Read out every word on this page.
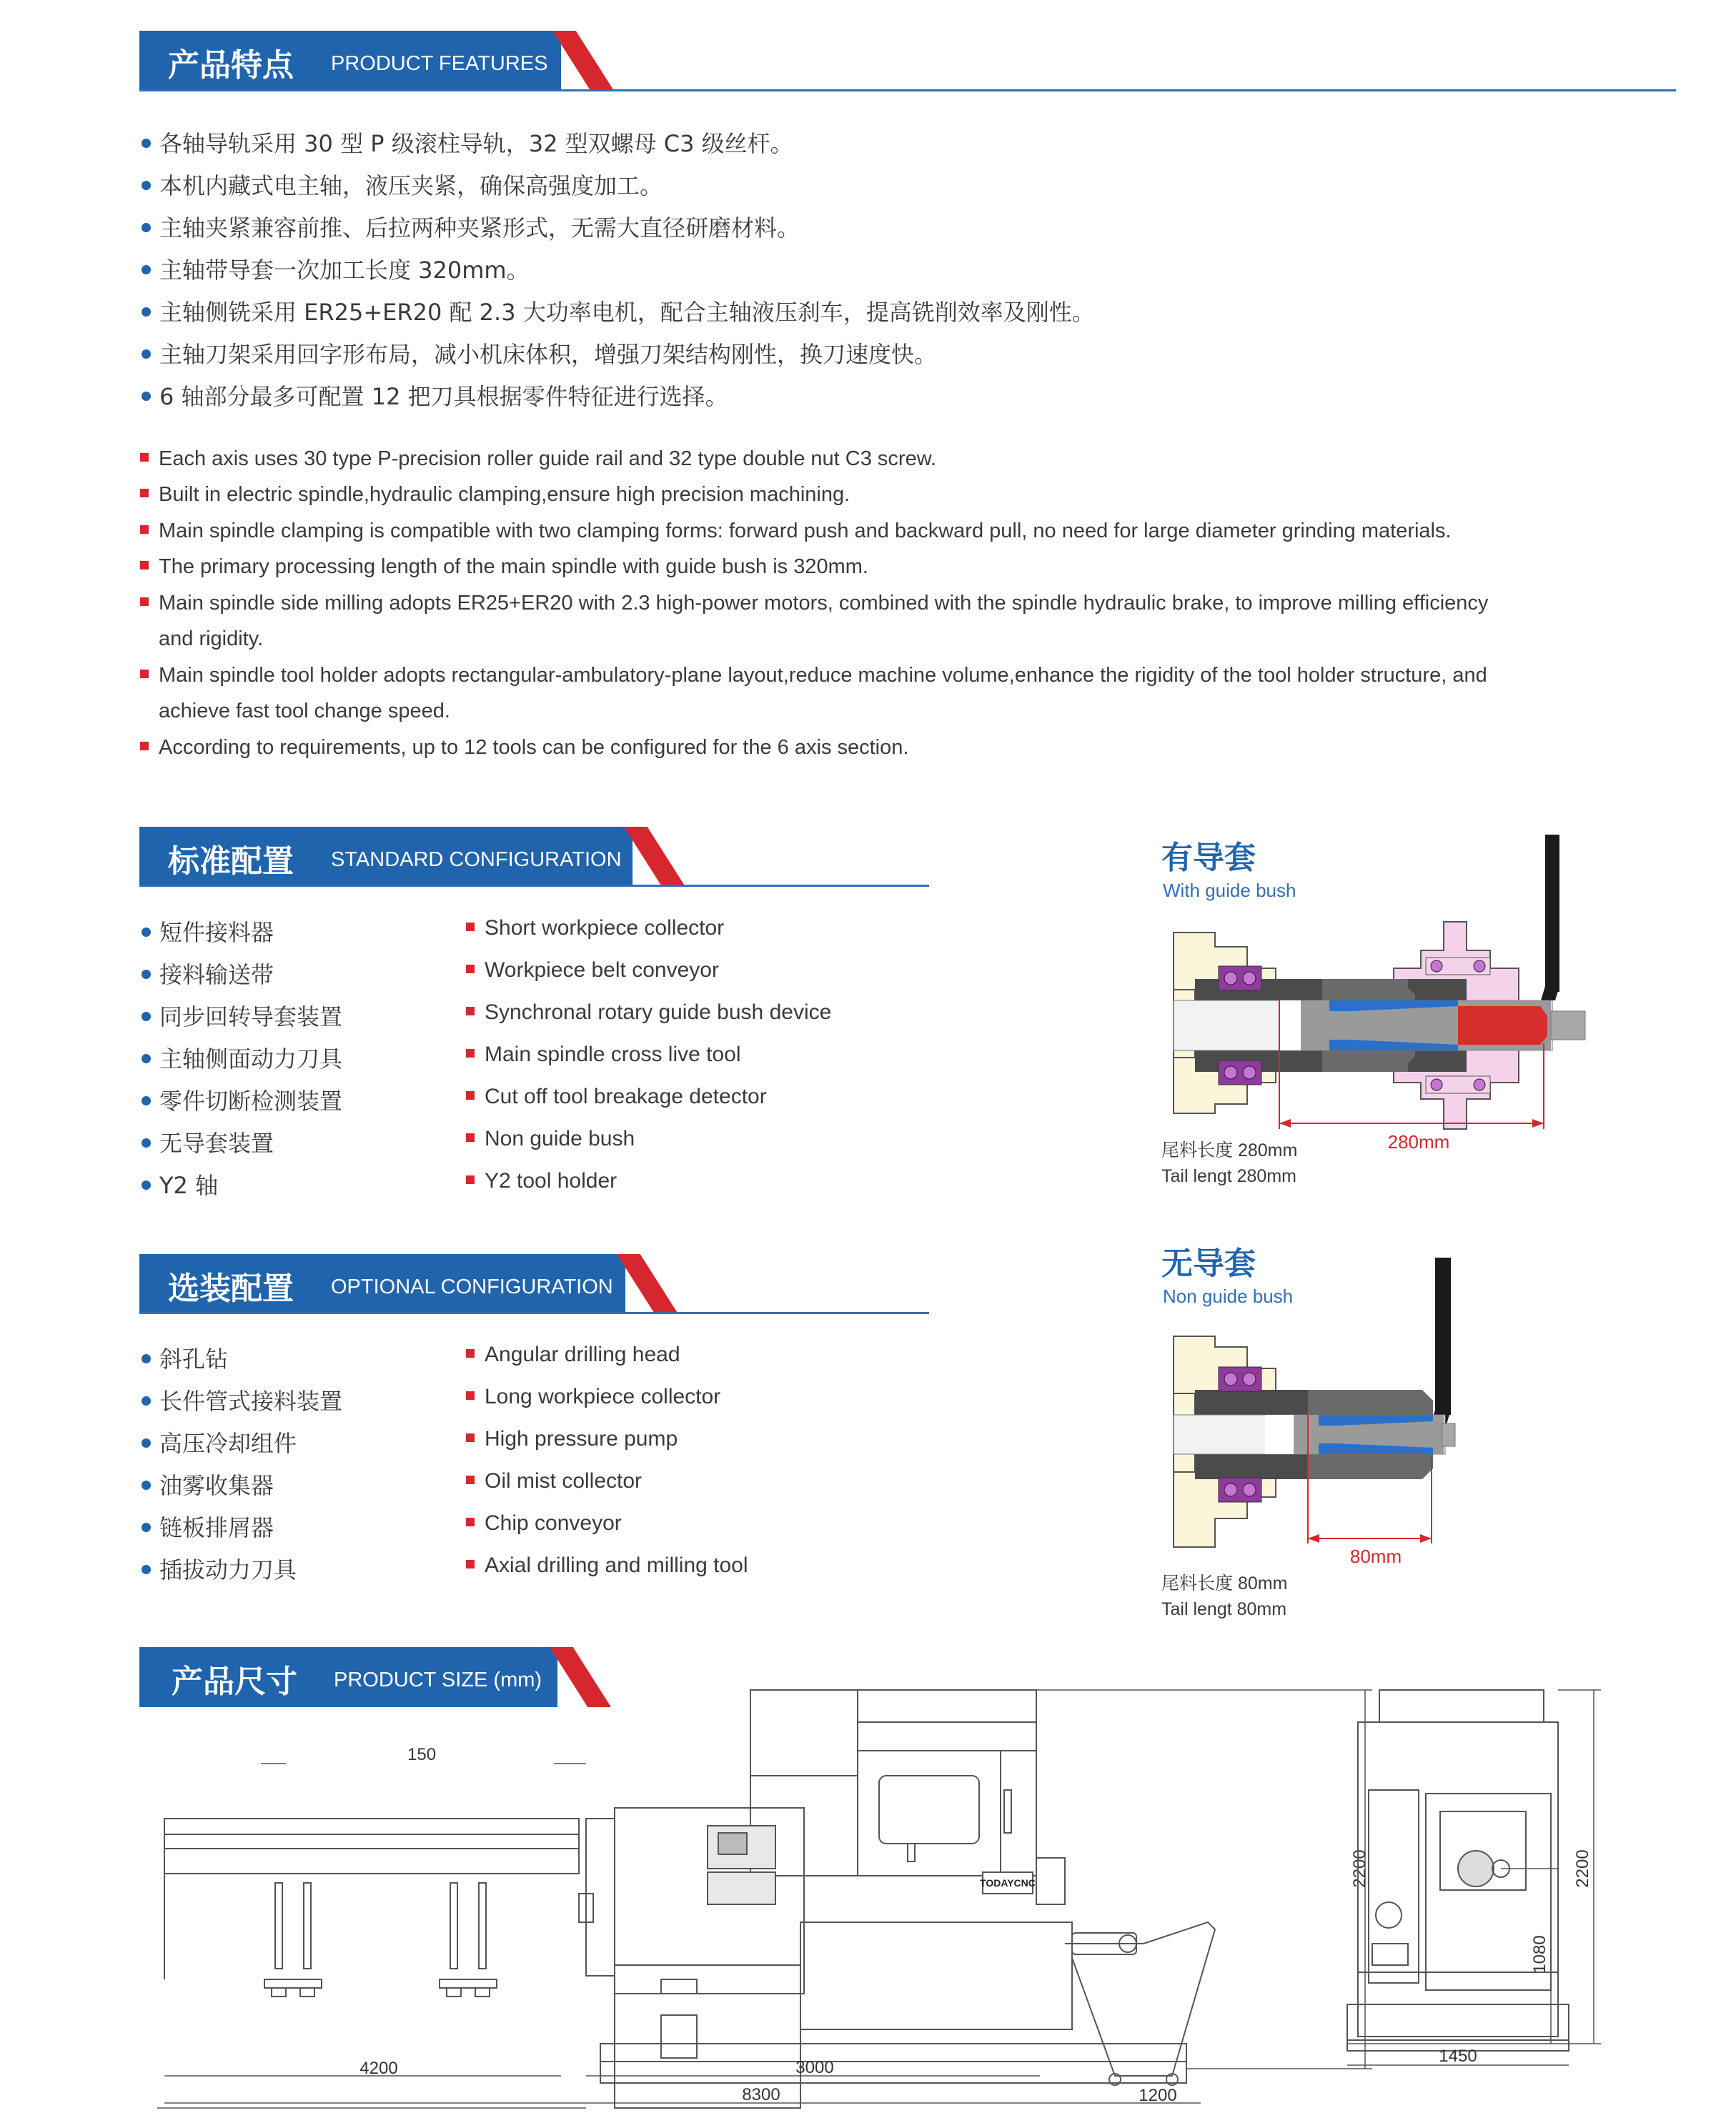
产品特点 PRODUCT FEATURES
各轴导轨采用 30 型 P 级滚柱导轨，32 型双螺母 C3 级丝杆。
本机内藏式电主轴，液压夹紧，确保高强度加工。
主轴夹紧兼容前推、后拉两种夹紧形式，无需大直径研磨材料。
主轴带导套一次加工长度 320mm。
主轴侧铣采用 ER25+ER20 配 2.3 大功率电机，配合主轴液压刹车，提高铣削效率及刚性。
主轴刀架采用回字形布局，减小机床体积，增强刀架结构刚性，换刀速度快。
6 轴部分最多可配置 12 把刀具根据零件特征进行选择。
Each axis uses 30 type P-precision roller guide rail and 32 type double nut C3 screw.
Built in electric spindle,hydraulic clamping,ensure high precision machining.
Main spindle clamping is compatible with two clamping forms: forward push and backward pull, no need for large diameter grinding materials.
The primary processing length of the main spindle with guide bush is 320mm.
Main spindle side milling adopts ER25+ER20 with 2.3 high-power motors, combined with the spindle hydraulic brake, to improve milling efficiency
and rigidity.
Main spindle tool holder adopts rectangular-ambulatory-plane layout,reduce machine volume,enhance the rigidity of the tool holder structure, and
achieve fast tool change speed.
According to requirements, up to 12 tools can be configured for the 6 axis section.
标准配置 STANDARD CONFIGURATION
短件接料器
接料输送带
同步回转导套装置
主轴侧面动力刀具
零件切断检测装置
无导套装置
Y2 轴
Short workpiece collector
Workpiece belt conveyor
Synchronal rotary guide bush device
Main spindle cross live tool
Cut off tool breakage detector
Non guide bush
Y2 tool holder
选装配置 OPTIONAL CONFIGURATION
斜孔钻
长件管式接料装置
高压冷却组件
油雾收集器
链板排屑器
插拔动力刀具
Angular drilling head
Long workpiece collector
High pressure pump
Oil mist collector
Chip conveyor
Axial drilling and milling tool
有导套
With guide bush
280mm
尾料长度 280mm
Tail lengt 280mm
无导套
Non guide bush
80mm
尾料长度 80mm
Tail lengt 80mm
产品尺寸 PRODUCT SIZE (mm)
TODAYCNC
150
2200
1200
4200	3000
8300
2200
1080
1450
